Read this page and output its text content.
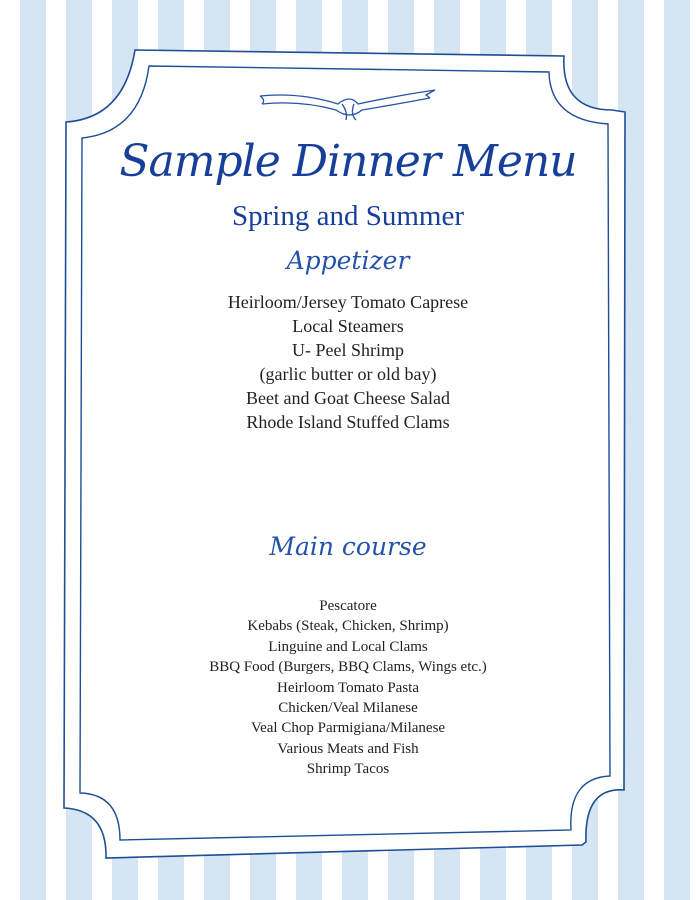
Sample Dinner Menu
Spring and Summer
Appetizer
Heirloom/Jersey Tomato Caprese
Local Steamers
U- Peel Shrimp
(garlic butter or old bay)
Beet and Goat Cheese Salad
Rhode Island Stuffed Clams
Main course
Pescatore
Kebabs (Steak, Chicken, Shrimp)
Linguine and Local Clams
BBQ Food (Burgers, BBQ Clams, Wings etc.)
Heirloom Tomato Pasta
Chicken/Veal Milanese
Veal Chop Parmigiana/Milanese
Various Meats and Fish
Shrimp Tacos
